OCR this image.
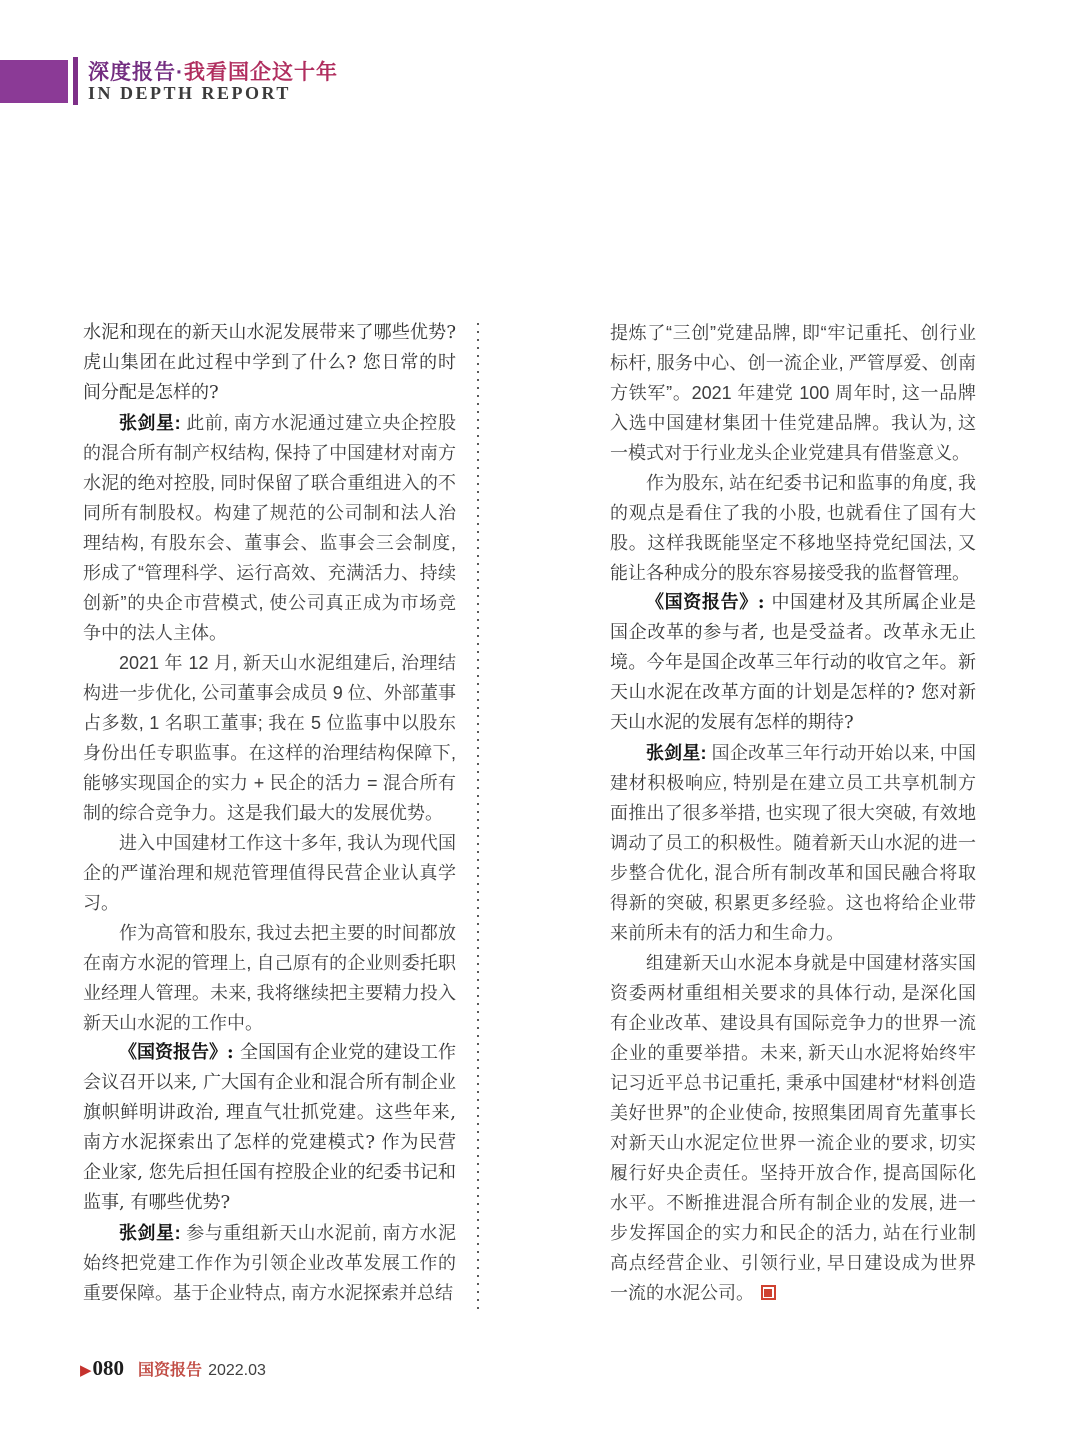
深度报告·我看国企这十年
IN DEPTH REPORT

水泥和现在的新天山水泥发展带来了哪些优势? 虎山集团在此过程中学到了什么? 您日常的时间分配是怎样的?

张剑星: 此前, 南方水泥通过建立央企控股的混合所有制产权结构, 保持了中国建材对南方水泥的绝对控股, 同时保留了联合重组进入的不同所有制股权。构建了规范的公司制和法人治理结构, 有股东会、董事会、监事会三会制度, 形成了“管理科学、运行高效、充满活力、持续创新”的央企市营模式, 使公司真正成为市场竞争中的法人主体。

2021 年 12 月, 新天山水泥组建后, 治理结构进一步优化, 公司董事会成员 9 位、外部董事占多数, 1 名职工董事; 我在 5 位监事中以股东身份出任专职监事。在这样的治理结构保障下, 能够实现国企的实力 + 民企的活力 = 混合所有制的综合竞争力。这是我们最大的发展优势。

进入中国建材工作这十多年, 我认为现代国企的严谨治理和规范管理值得民营企业认真学习。

作为高管和股东, 我过去把主要的时间都放在南方水泥的管理上, 自己原有的企业则委托职业经理人管理。未来, 我将继续把主要精力投入新天山水泥的工作中。

《国资报告》: 全国国有企业党的建设工作会议召开以来, 广大国有企业和混合所有制企业旗帜鲜明讲政治, 理直气壮抓党建。这些年来, 南方水泥探索出了怎样的党建模式? 作为民营企业家, 您先后担任国有控股企业的纪委书记和监事, 有哪些优势?

张剑星: 参与重组新天山水泥前, 南方水泥始终把党建工作作为引领企业改革发展工作的重要保障。基于企业特点, 南方水泥探索并总结

提炼了“三创”党建品牌, 即“牢记重托、创行业标杆, 服务中心、创一流企业, 严管厚爱、创南方铁军”。2021 年建党 100 周年时, 这一品牌入选中国建材集团十佳党建品牌。我认为, 这一模式对于行业龙头企业党建具有借鉴意义。

作为股东, 站在纪委书记和监事的角度, 我的观点是看住了我的小股, 也就看住了国有大股。这样我既能坚定不移地坚持党纪国法, 又能让各种成分的股东容易接受我的监督管理。

《国资报告》: 中国建材及其所属企业是国企改革的参与者, 也是受益者。改革永无止境。今年是国企改革三年行动的收官之年。新天山水泥在改革方面的计划是怎样的? 您对新天山水泥的发展有怎样的期待?

张剑星: 国企改革三年行动开始以来, 中国建材积极响应, 特别是在建立员工共享机制方面推出了很多举措, 也实现了很大突破, 有效地调动了员工的积极性。随着新天山水泥的进一步整合优化, 混合所有制改革和国民融合将取得新的突破, 积累更多经验。这也将给企业带来前所未有的活力和生命力。

组建新天山水泥本身就是中国建材落实国资委两材重组相关要求的具体行动, 是深化国有企业改革、建设具有国际竞争力的世界一流企业的重要举措。未来, 新天山水泥将始终牢记习近平总书记重托, 秉承中国建材“材料创造美好世界”的企业使命, 按照集团周育先董事长对新天山水泥定位世界一流企业的要求, 切实履行好央企责任。坚持开放合作, 提高国际化水平。不断推进混合所有制企业的发展, 进一步发挥国企的实力和民企的活力, 站在行业制高点经营企业、引领行业, 早日建设成为世界一流的水泥公司。

▶ 080 国资报告 2022.03
